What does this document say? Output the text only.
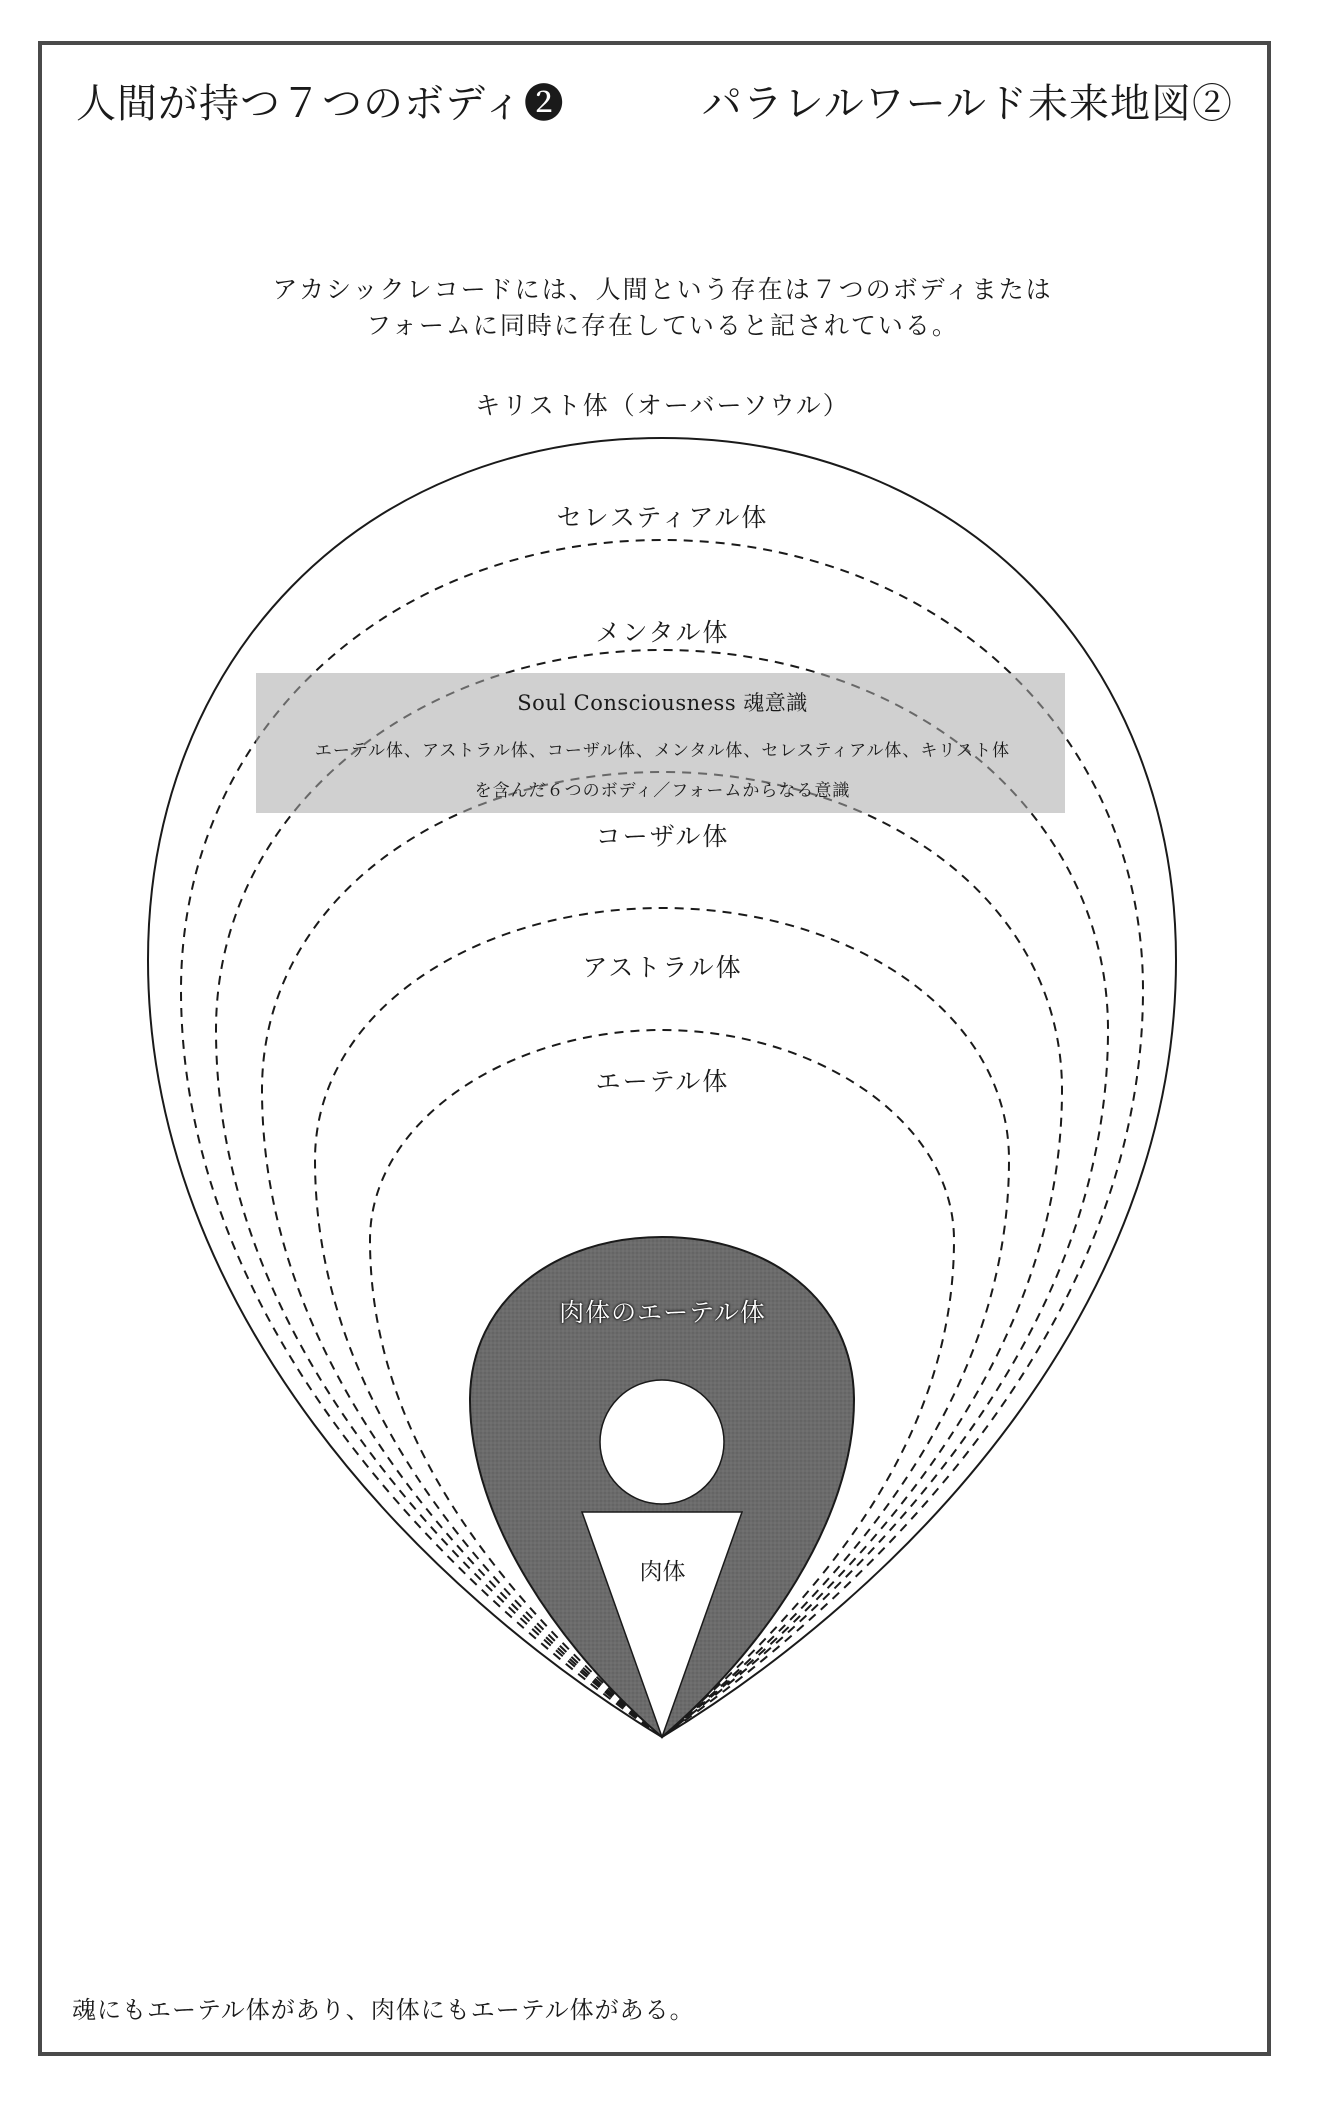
人間が持つ７つのボディ❷	パラレルワールド未来地図②
アカシックレコードには、人間という存在は７つのボディまたは
フォームに同時に存在していると記されている。
キリスト体（オーバーソウル）
セレスティアル体
メンタル体
Soul Consciousness 魂意識
エーテル体、アストラル体、コーザル体、メンタル体、セレスティアル体、キリスト体
を含んだ６つのボディ／フォームからなる意識
コーザル体
アストラル体
エーテル体
肉体のエーテル体
肉体
魂にもエーテル体があり、肉体にもエーテル体がある。
